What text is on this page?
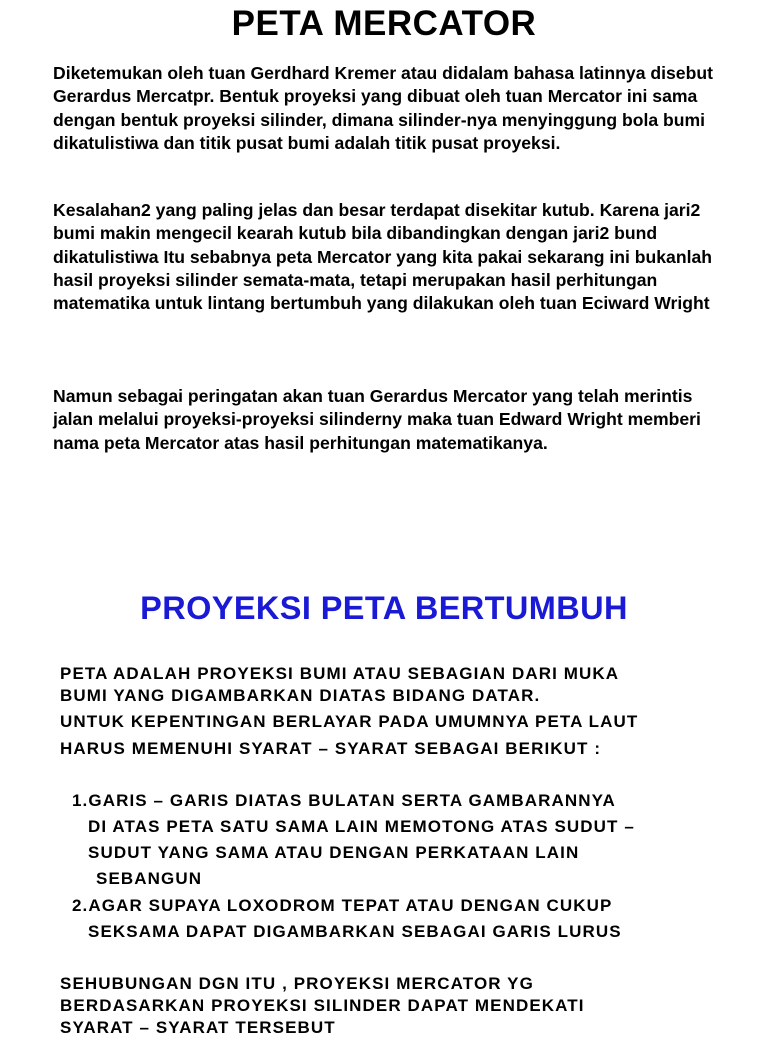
PETA MERCATOR

Diketemukan oleh tuan Gerdhard Kremer atau didalam bahasa latinnya disebut Gerardus Mercatpr. Bentuk proyeksi yang dibuat oleh tuan Mercator ini sama dengan bentuk proyeksi silinder, dimana silinder-nya menyinggung bola bumi dikatulistiwa dan titik pusat bumi adalah titik pusat proyeksi.

Kesalahan2 yang paling jelas dan besar terdapat disekitar kutub. Karena jari2 bumi makin mengecil kearah kutub bila dibandingkan dengan jari2 bund dikatulistiwa Itu sebabnya peta Mercator yang kita pakai sekarang ini bukanlah hasil proyeksi silinder semata-mata, tetapi merupakan hasil perhitungan matematika untuk lintang bertumbuh yang dilakukan oleh tuan Eciward Wright

Namun sebagai peringatan akan tuan Gerardus Mercator yang telah merintis jalan melalui proyeksi-proyeksi silinderny maka tuan Edward Wright memberi nama peta Mercator atas hasil perhitungan matematikanya.

PROYEKSI PETA BERTUMBUH

PETA ADALAH PROYEKSI BUMI ATAU SEBAGIAN DARI MUKA

BUMI YANG DIGAMBARKAN DIATAS BIDANG DATAR.

UNTUK KEPENTINGAN BERLAYAR PADA UMUMNYA PETA LAUT

HARUS MEMENUHI SYARAT – SYARAT SEBAGAI BERIKUT :

1.GARIS – GARIS DIATAS BULATAN SERTA GAMBARANNYA

DI ATAS PETA SATU SAMA LAIN MEMOTONG ATAS SUDUT –

SUDUT YANG SAMA ATAU DENGAN PERKATAAN LAIN

SEBANGUN

2.AGAR SUPAYA LOXODROM TEPAT ATAU DENGAN CUKUP

SEKSAMA DAPAT DIGAMBARKAN SEBAGAI GARIS LURUS

SEHUBUNGAN DGN ITU , PROYEKSI MERCATOR YG

BERDASARKAN PROYEKSI SILINDER DAPAT MENDEKATI

SYARAT – SYARAT TERSEBUT
